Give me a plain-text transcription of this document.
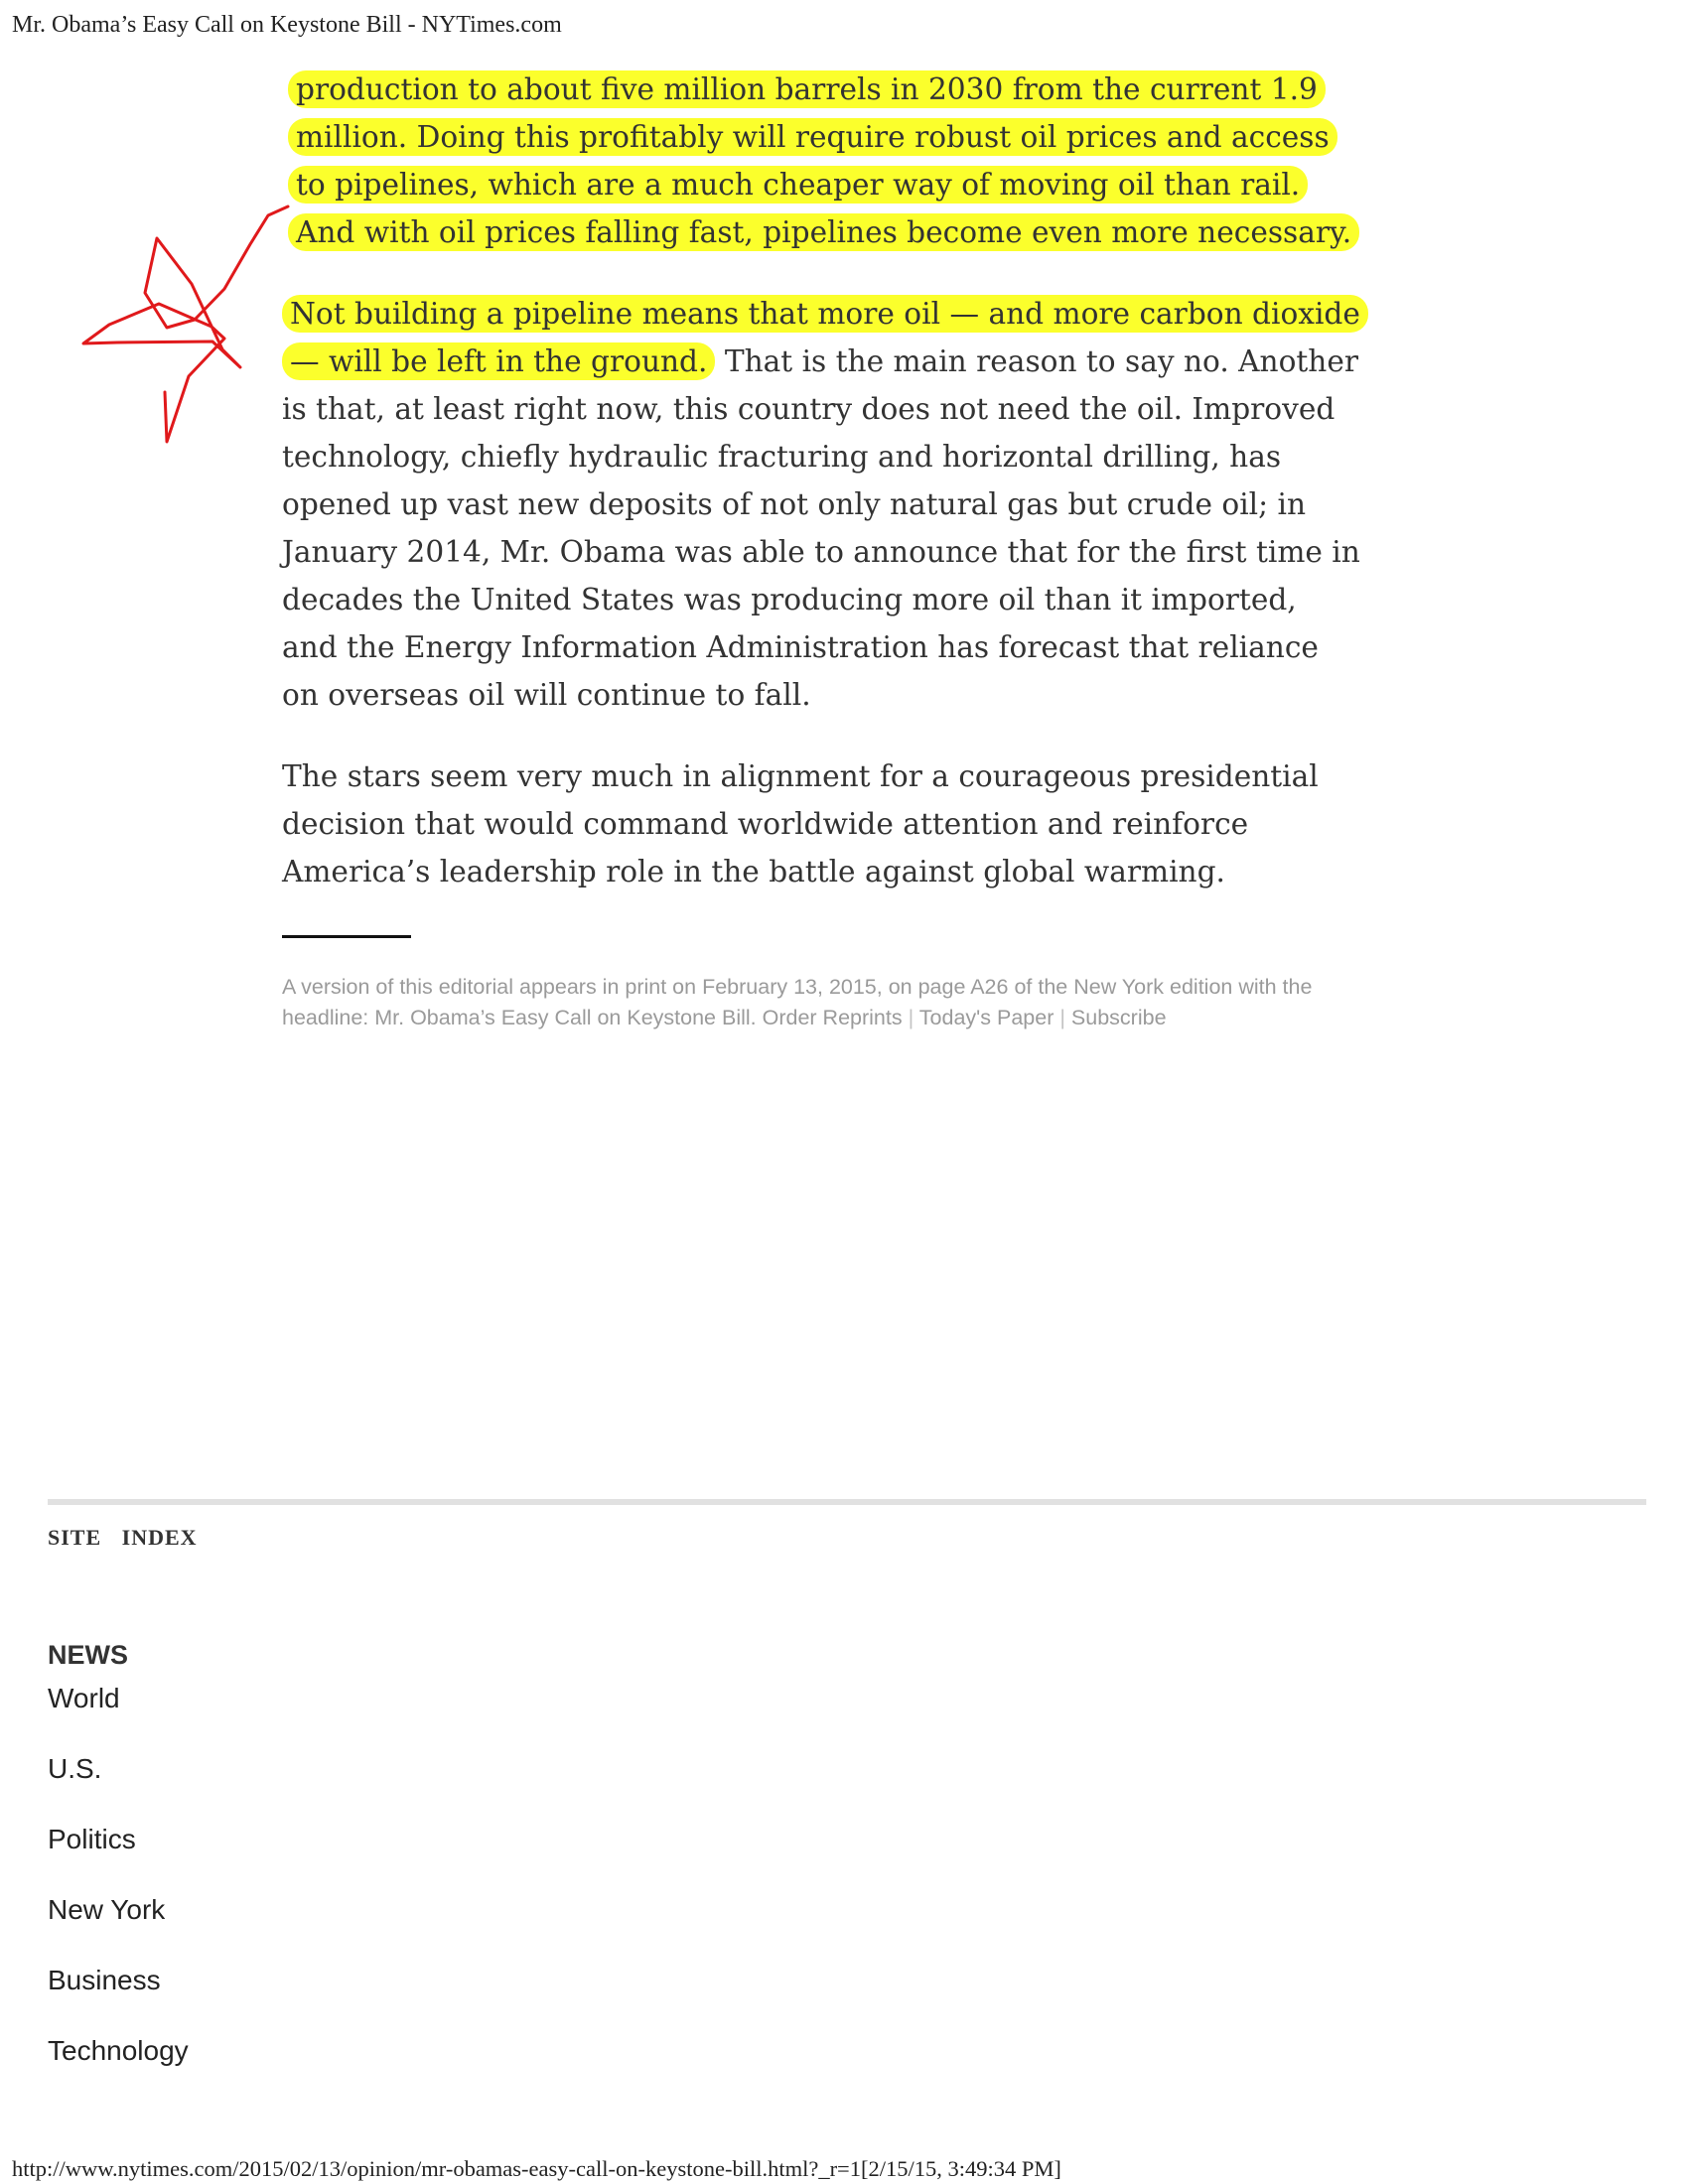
Mr. Obama’s Easy Call on Keystone Bill - NYTimes.com

production to about five million barrels in 2030 from the current 1.9 million. Doing this profitably will require robust oil prices and access to pipelines, which are a much cheaper way of moving oil than rail. And with oil prices falling fast, pipelines become even more necessary.

Not building a pipeline means that more oil — and more carbon dioxide — will be left in the ground. That is the main reason to say no. Another is that, at least right now, this country does not need the oil. Improved technology, chiefly hydraulic fracturing and horizontal drilling, has opened up vast new deposits of not only natural gas but crude oil; in January 2014, Mr. Obama was able to announce that for the first time in decades the United States was producing more oil than it imported, and the Energy Information Administration has forecast that reliance on overseas oil will continue to fall.

The stars seem very much in alignment for a courageous presidential decision that would command worldwide attention and reinforce America’s leadership role in the battle against global warming.

A version of this editorial appears in print on February 13, 2015, on page A26 of the New York edition with the headline: Mr. Obama’s Easy Call on Keystone Bill. Order Reprints | Today's Paper | Subscribe
SITE INDEX
NEWS
World
U.S.
Politics
New York
Business
Technology
http://www.nytimes.com/2015/02/13/opinion/mr-obamas-easy-call-on-keystone-bill.html?_r=1[2/15/15, 3:49:34 PM]
